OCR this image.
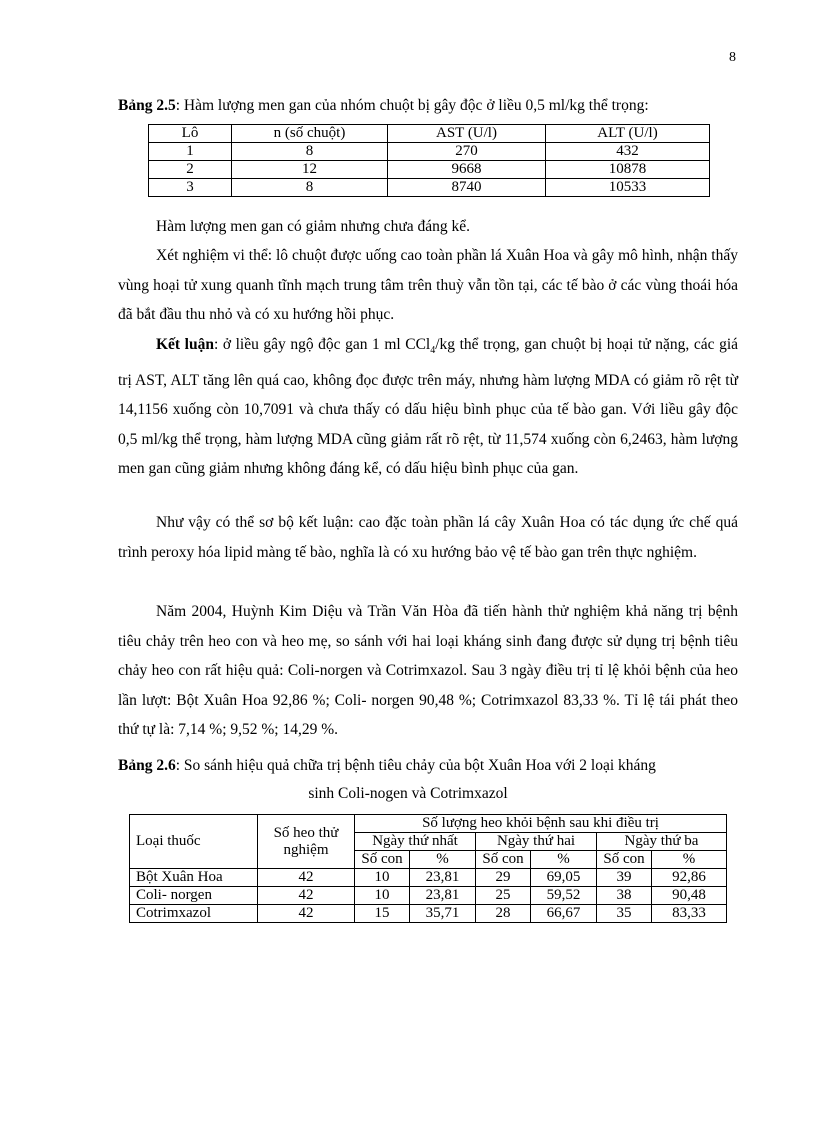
8
Bảng 2.5: Hàm lượng men gan của nhóm chuột bị gây độc ở liều 0,5 ml/kg thể trọng:
Lô	n (số chuột)	AST (U/l)	ALT (U/l)
1	8	270	432
2	12	9668	10878
3	8	8740	10533

Hàm lượng men gan có giảm nhưng chưa đáng kể.

Xét nghiệm vi thể: lô chuột được uống cao toàn phần lá Xuân Hoa và gây mô hình, nhận thấy vùng hoại tử xung quanh tĩnh mạch trung tâm trên thuỳ vẫn tồn tại, các tế bào ở các vùng thoái hóa đã bắt đầu thu nhỏ và có xu hướng hồi phục.

Kết luận: ở liều gây ngộ độc gan 1 ml CCl$_4$/kg thể trọng, gan chuột bị hoại tử nặng, các giá trị AST, ALT tăng lên quá cao, không đọc được trên máy, nhưng hàm lượng MDA có giảm rõ rệt từ 14,1156 xuống còn 10,7091 và chưa thấy có dấu hiệu bình phục của tế bào gan. Với liều gây độc 0,5 ml/kg thể trọng, hàm lượng MDA cũng giảm rất rõ rệt, từ 11,574 xuống còn 6,2463, hàm lượng men gan cũng giảm nhưng không đáng kể, có dấu hiệu bình phục của gan.

Như vậy có thể sơ bộ kết luận: cao đặc toàn phần lá cây Xuân Hoa có tác dụng ức chế quá trình peroxy hóa lipid màng tế bào, nghĩa là có xu hướng bảo vệ tế bào gan trên thực nghiệm.

Năm 2004, Huỳnh Kim Diệu và Trần Văn Hòa đã tiến hành thử nghiệm khả năng trị bệnh tiêu chảy trên heo con và heo mẹ, so sánh với hai loại kháng sinh đang được sử dụng trị bệnh tiêu chảy heo con rất hiệu quả: Coli-norgen và Cotrimxazol. Sau 3 ngày điều trị tỉ lệ khỏi bệnh của heo lần lượt: Bột Xuân Hoa 92,86 %; Coli- norgen 90,48 %; Cotrimxazol 83,33 %. Tỉ lệ tái phát theo thứ tự là: 7,14 %; 9,52 %; 14,29 %.

Bảng 2.6: So sánh hiệu quả chữa trị bệnh tiêu chảy của bột Xuân Hoa với 2 loại kháng
sinh Coli-nogen và Cotrimxazol
Loại thuốc	Số heo thử nghiệm	Số lượng heo khỏi bệnh sau khi điều trị					
		Ngày thứ nhất		Ngày thứ hai		Ngày thứ ba	
		Số con	%	Số con	%	Số con	%
Bột Xuân Hoa	42	10	23,81	29	69,05	39	92,86
Coli- norgen	42	10	23,81	25	59,52	38	90,48
Cotrimxazol	42	15	35,71	28	66,67	35	83,33
